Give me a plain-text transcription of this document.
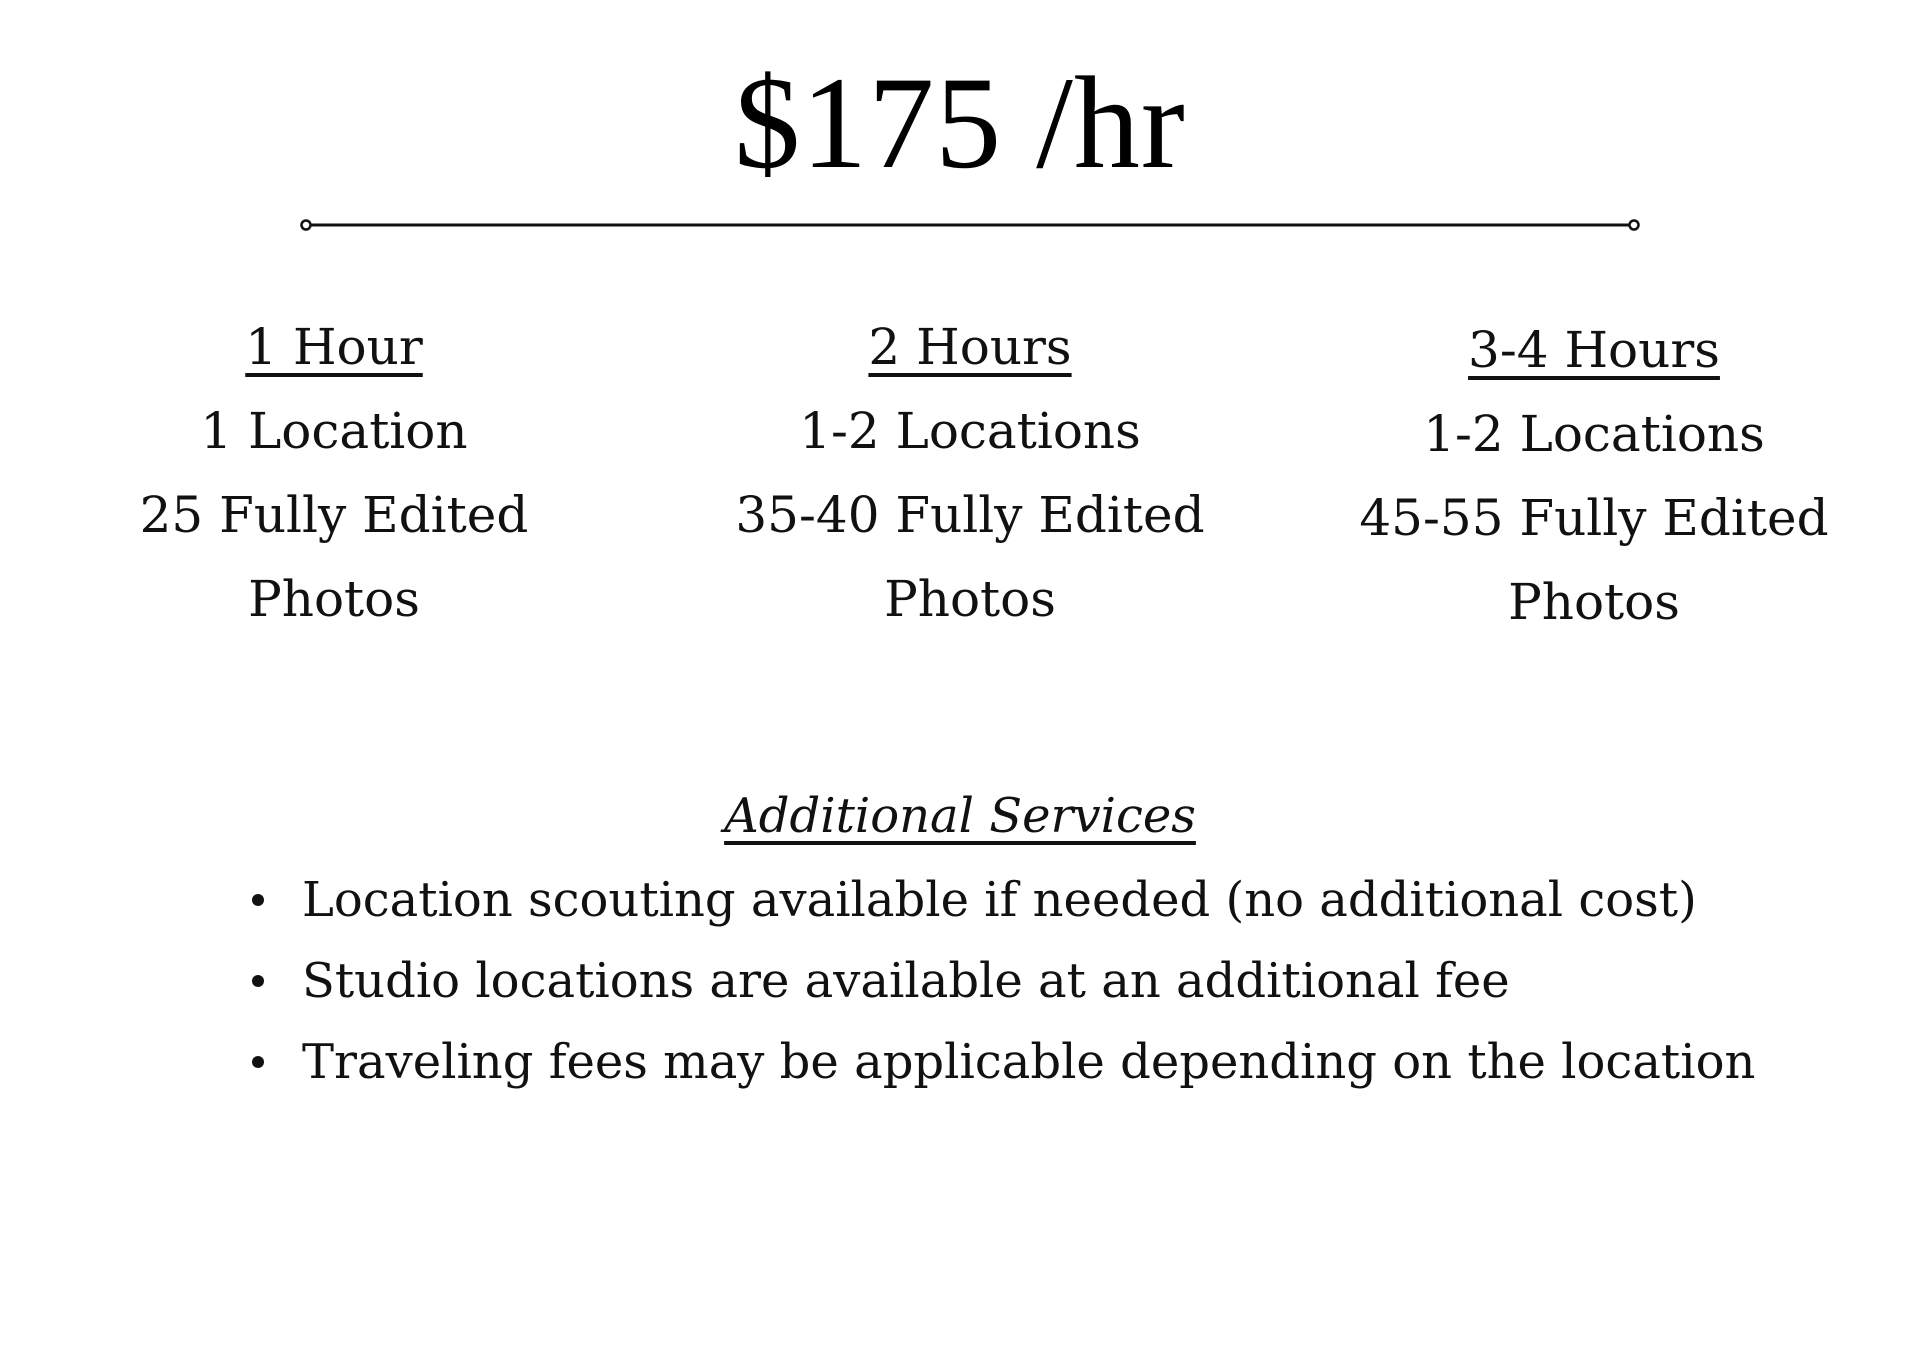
$175 /hr
1 Hour
1 Location
25 Fully Edited
Photos
2 Hours
1-2 Locations
35-40 Fully Edited
Photos
3-4 Hours
1-2 Locations
45-55 Fully Edited
Photos
Additional Services
Location scouting available if needed (no additional cost)
Studio locations are available at an additional fee
Traveling fees may be applicable depending on the location
